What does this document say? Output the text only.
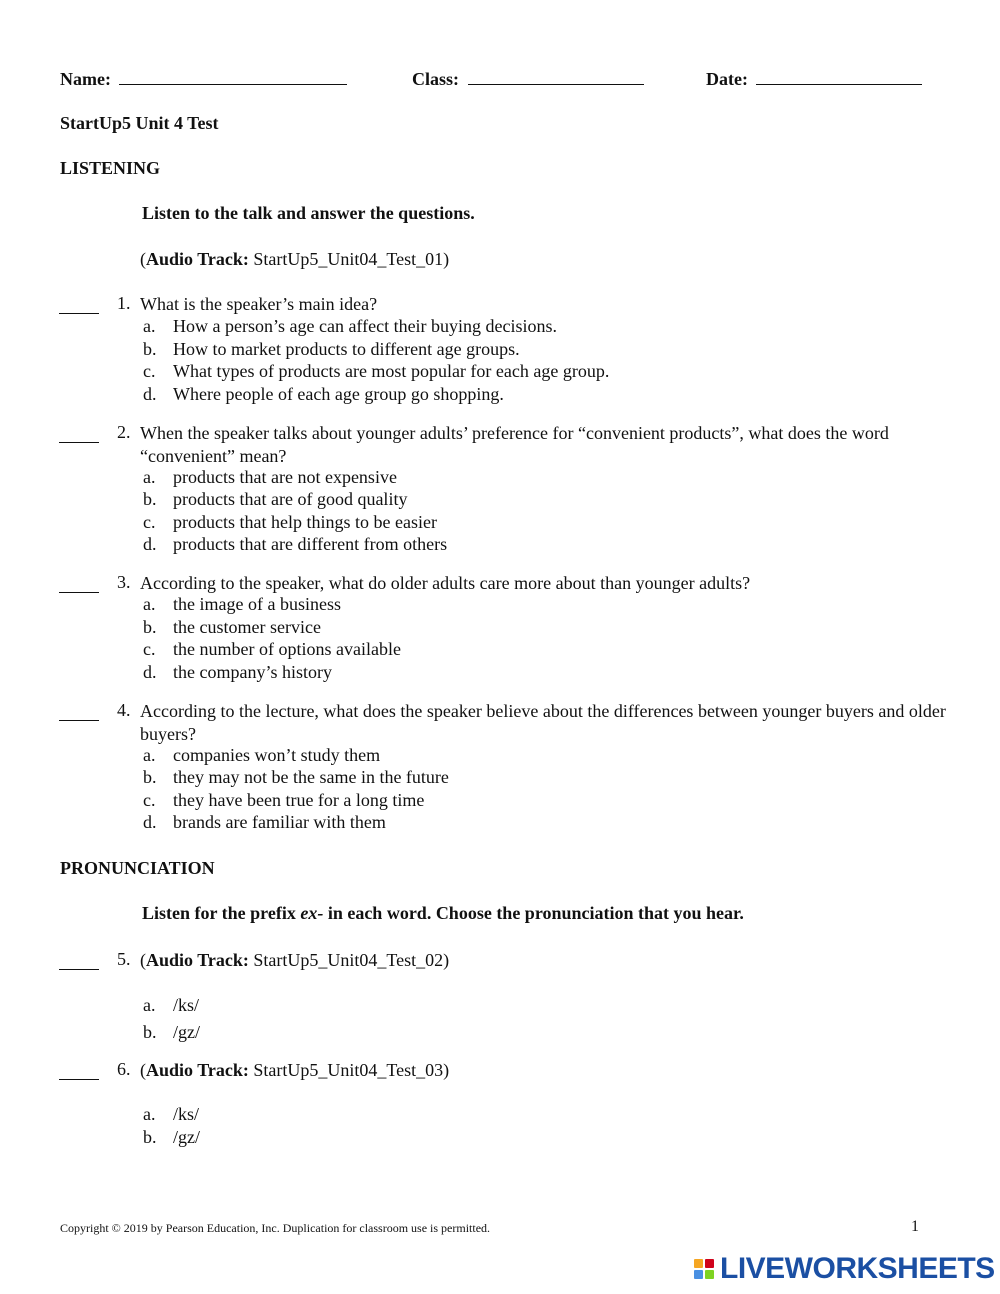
Name:	Class:	Date:
StartUp5 Unit 4 Test
LISTENING
Listen to the talk and answer the questions.
(Audio Track: StartUp5_Unit04_Test_01)
1. What is the speaker’s main idea?
a. How a person’s age can affect their buying decisions.
b. How to market products to different age groups.
c. What types of products are most popular for each age group.
d. Where people of each age group go shopping.
2. When the speaker talks about younger adults’ preference for “convenient products”, what does the word “convenient” mean?
a. products that are not expensive
b. products that are of good quality
c. products that help things to be easier
d. products that are different from others
3. According to the speaker, what do older adults care more about than younger adults?
a. the image of a business
b. the customer service
c. the number of options available
d. the company’s history
4. According to the lecture, what does the speaker believe about the differences between younger buyers and older buyers?
a. companies won’t study them
b. they may not be the same in the future
c. they have been true for a long time
d. brands are familiar with them
PRONUNCIATION
Listen for the prefix ex- in each word. Choose the pronunciation that you hear.
5. (Audio Track: StartUp5_Unit04_Test_02)
a. /ks/
b. /gz/
6. (Audio Track: StartUp5_Unit04_Test_03)
a. /ks/
b. /gz/
Copyright © 2019 by Pearson Education, Inc. Duplication for classroom use is permitted.	1
LIVEWORKSHEETS
